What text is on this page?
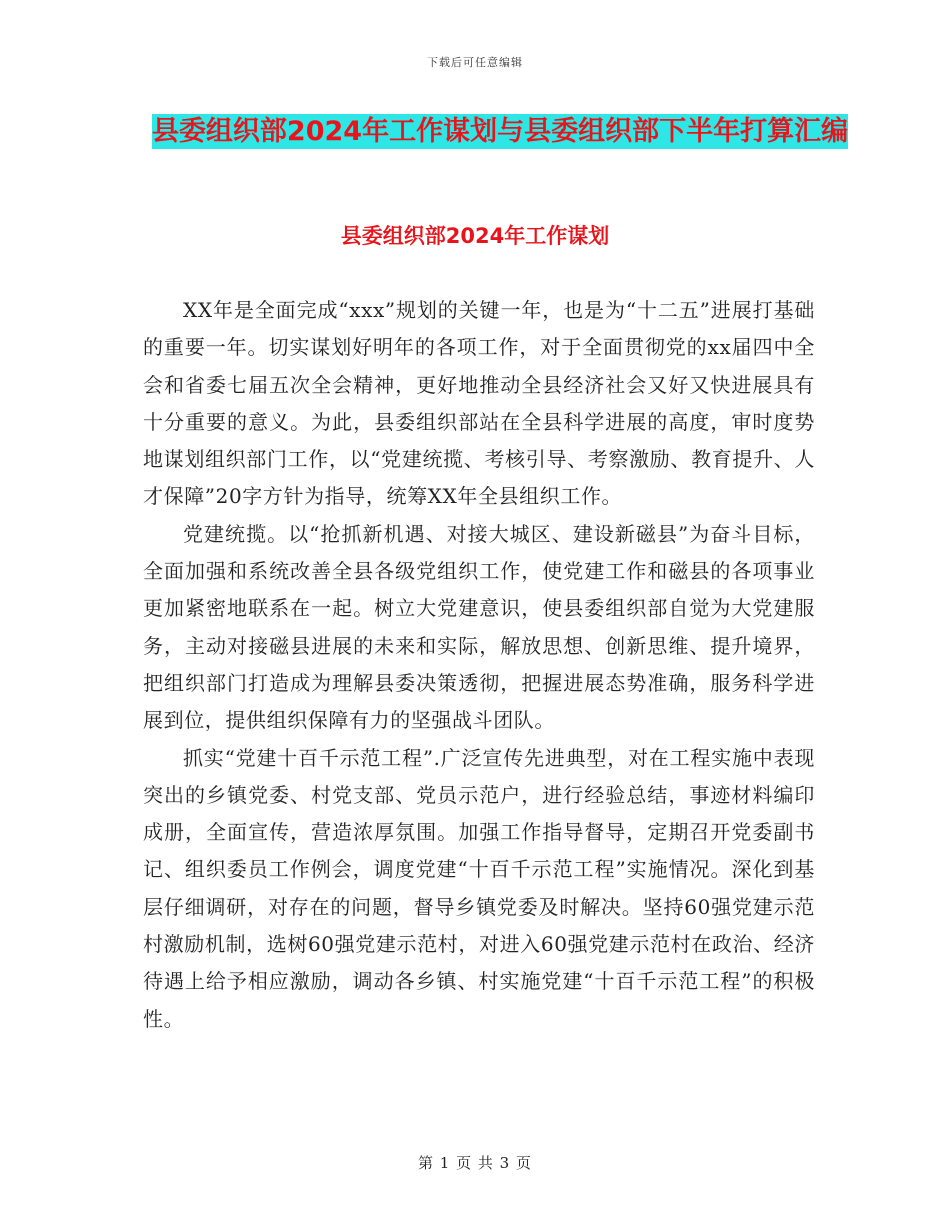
下载后可任意编辑
县委组织部2024年工作谋划与县委组织部下半年打算汇编
县委组织部2024年工作谋划

XX年是全面完成“xxx”规划的关键一年，也是为“十二五”进展打基础的重要一年。切实谋划好明年的各项工作，对于全面贯彻党的xx届四中全会和省委七届五次全会精神，更好地推动全县经济社会又好又快进展具有十分重要的意义。为此，县委组织部站在全县科学进展的高度，审时度势地谋划组织部门工作，以“党建统揽、考核引导、考察激励、教育提升、人才保障”20字方针为指导，统筹XX年全县组织工作。

党建统揽。以“抢抓新机遇、对接大城区、建设新磁县”为奋斗目标，全面加强和系统改善全县各级党组织工作，使党建工作和磁县的各项事业更加紧密地联系在一起。树立大党建意识，使县委组织部自觉为大党建服务，主动对接磁县进展的未来和实际，解放思想、创新思维、提升境界，把组织部门打造成为理解县委决策透彻，把握进展态势准确，服务科学进展到位，提供组织保障有力的坚强战斗团队。

抓实“党建十百千示范工程”.广泛宣传先进典型，对在工程实施中表现突出的乡镇党委、村党支部、党员示范户，进行经验总结，事迹材料编印成册，全面宣传，营造浓厚氛围。加强工作指导督导，定期召开党委副书记、组织委员工作例会，调度党建“十百千示范工程”实施情况。深化到基层仔细调研，对存在的问题，督导乡镇党委及时解决。坚持60强党建示范村激励机制，选树60强党建示范村，对进入60强党建示范村在政治、经济待遇上给予相应激励，调动各乡镇、村实施党建“十百千示范工程”的积极性。

第 1 页 共 3 页
